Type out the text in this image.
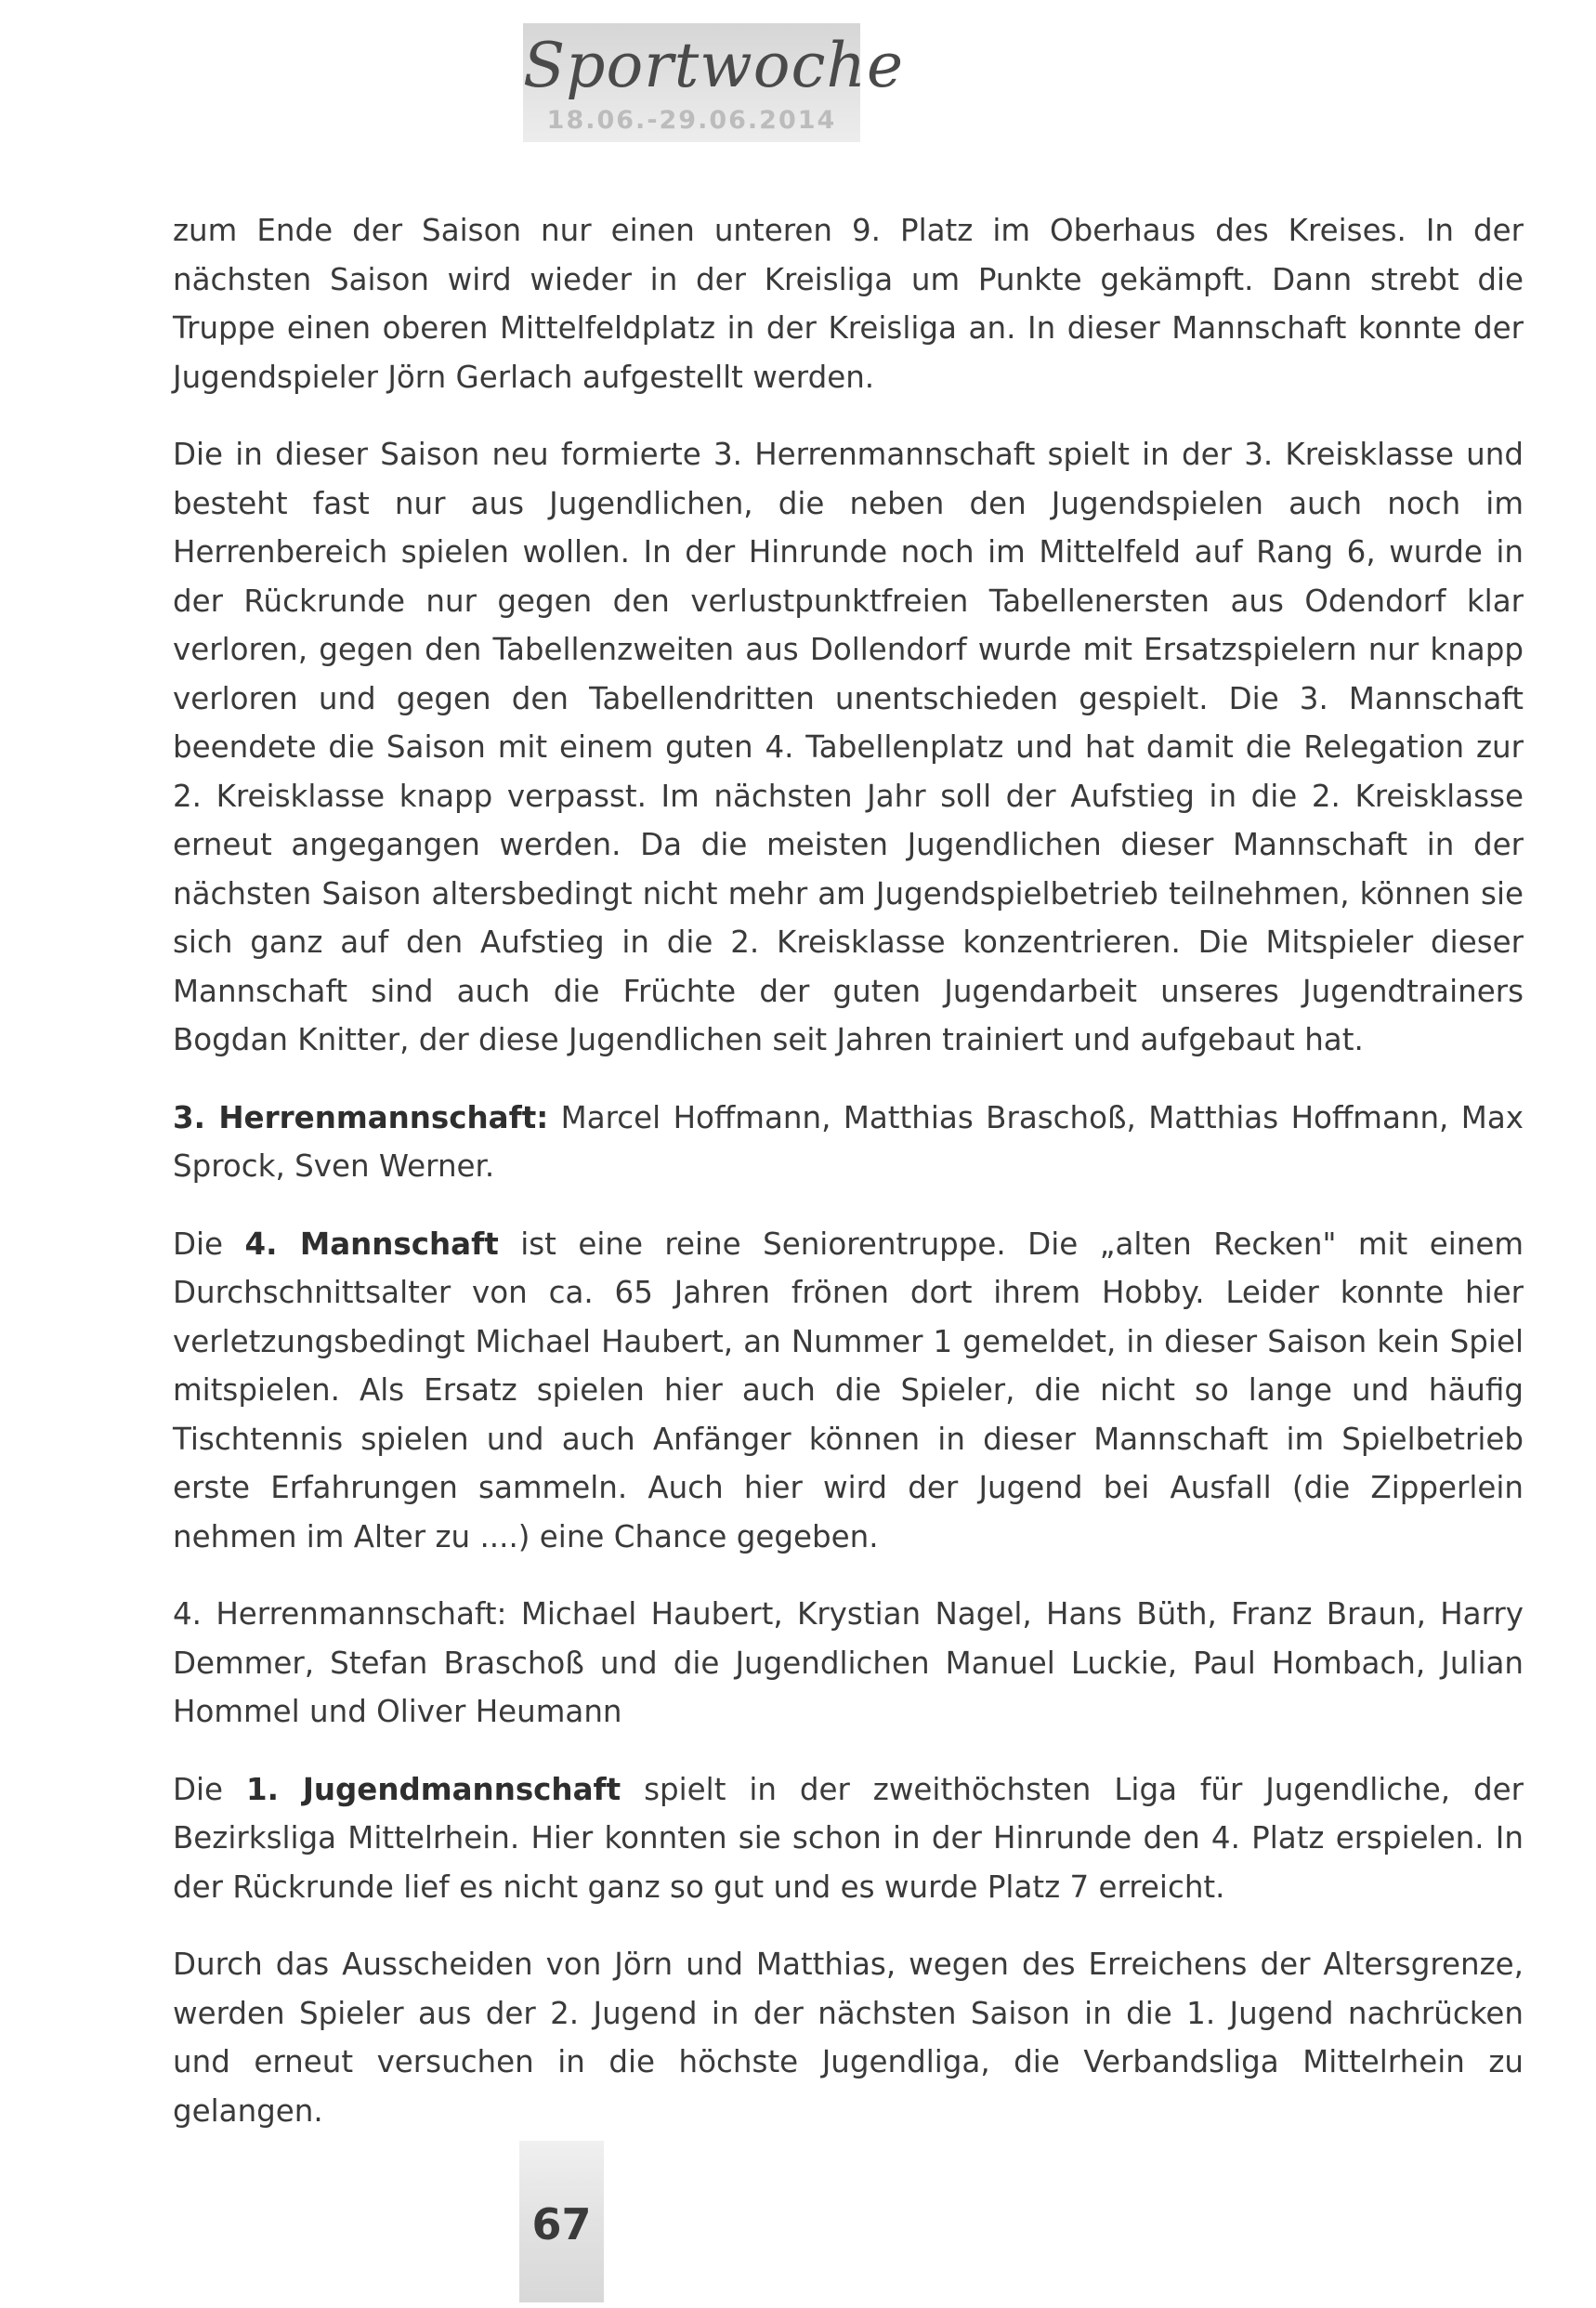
Sportwoche
18.06.-29.06.2014

zum Ende der Saison nur einen unteren 9. Platz im Oberhaus des Kreises. In der nächsten Saison wird wieder in der Kreisliga um Punkte gekämpft. Dann strebt die Truppe einen oberen Mittelfeldplatz in der Kreisliga an. In dieser Mannschaft konnte der Jugendspieler Jörn Gerlach aufgestellt werden.

Die in dieser Saison neu formierte 3. Herrenmannschaft spielt in der 3. Kreisklasse und besteht fast nur aus Jugendlichen, die neben den Jugendspielen auch noch im Herrenbereich spielen wollen. In der Hinrunde noch im Mittelfeld auf Rang 6, wurde in der Rückrunde nur gegen den verlustpunktfreien Tabellenersten aus Odendorf klar verloren, gegen den Tabellenzweiten aus Dollendorf wurde mit Ersatzspielern nur knapp verloren und gegen den Tabellendritten unentschieden gespielt. Die 3. Mannschaft beendete die Saison mit einem guten 4. Tabellenplatz und hat damit die Relegation zur 2. Kreisklasse knapp verpasst. Im nächsten Jahr soll der Aufstieg in die 2. Kreisklasse erneut angegangen werden. Da die meisten Jugendlichen dieser Mannschaft in der nächsten Saison altersbedingt nicht mehr am Jugendspielbetrieb teilnehmen, können sie sich ganz auf den Aufstieg in die 2. Kreisklasse konzentrieren. Die Mitspieler dieser Mannschaft sind auch die Früchte der guten Jugendarbeit unseres Jugendtrainers Bogdan Knitter, der diese Jugendlichen seit Jahren trainiert und aufgebaut hat.

3. Herrenmannschaft: Marcel Hoffmann, Matthias Braschoß, Matthias Hoffmann, Max Sprock, Sven Werner.

Die 4. Mannschaft ist eine reine Seniorentruppe. Die „alten Recken" mit einem Durchschnittsalter von ca. 65 Jahren frönen dort ihrem Hobby. Leider konnte hier verletzungsbedingt Michael Haubert, an Nummer 1 gemeldet, in dieser Saison kein Spiel mitspielen. Als Ersatz spielen hier auch die Spieler, die nicht so lange und häufig Tischtennis spielen und auch Anfänger können in dieser Mannschaft im Spielbetrieb erste Erfahrungen sammeln. Auch hier wird der Jugend bei Ausfall (die Zipperlein nehmen im Alter zu ....) eine Chance gegeben.

4. Herrenmannschaft: Michael Haubert, Krystian Nagel, Hans Büth, Franz Braun, Harry Demmer, Stefan Braschoß und die Jugendlichen Manuel Luckie, Paul Hombach, Julian Hommel und Oliver Heumann

Die 1. Jugendmannschaft spielt in der zweithöchsten Liga für Jugendliche, der Bezirksliga Mittelrhein. Hier konnten sie schon in der Hinrunde den 4. Platz erspielen. In der Rückrunde lief es nicht ganz so gut und es wurde Platz 7 erreicht.

Durch das Ausscheiden von Jörn und Matthias, wegen des Erreichens der Altersgrenze, werden Spieler aus der 2. Jugend in der nächsten Saison in die 1. Jugend nachrücken und erneut versuchen in die höchste Jugendliga, die Verbandsliga Mittelrhein zu gelangen.

67
